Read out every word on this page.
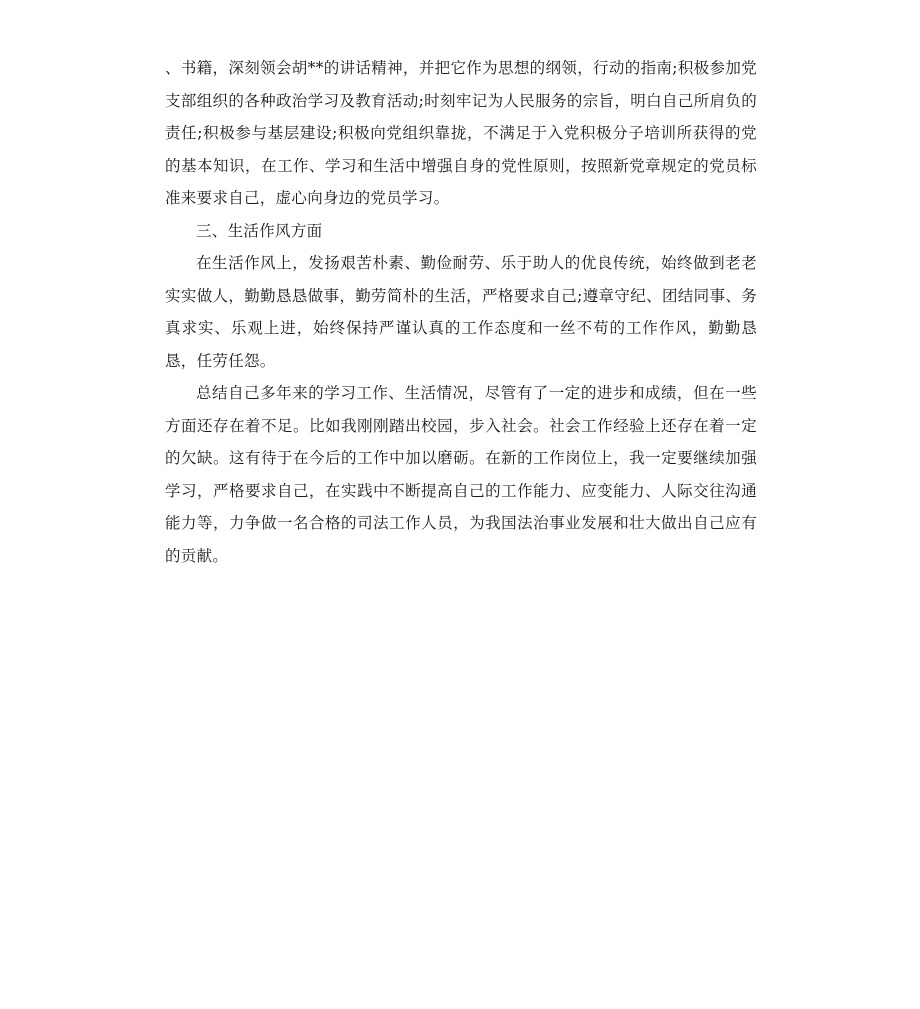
、书籍，深刻领会胡**的讲话精神，并把它作为思想的纲领，行动的指南;积极参加党支部组织的各种政治学习及教育活动;时刻牢记为人民服务的宗旨，明白自己所肩负的责任;积极参与基层建设;积极向党组织靠拢，不满足于入党积极分子培训所获得的党的基本知识，在工作、学习和生活中增强自身的党性原则，按照新党章规定的党员标准来要求自己，虚心向身边的党员学习。

三、生活作风方面

在生活作风上，发扬艰苦朴素、勤俭耐劳、乐于助人的优良传统，始终做到老老实实做人，勤勤恳恳做事，勤劳简朴的生活，严格要求自己;遵章守纪、团结同事、务真求实、乐观上进，始终保持严谨认真的工作态度和一丝不苟的工作作风，勤勤恳恳，任劳任怨。

总结自己多年来的学习工作、生活情况，尽管有了一定的进步和成绩，但在一些方面还存在着不足。比如我刚刚踏出校园，步入社会。社会工作经验上还存在着一定的欠缺。这有待于在今后的工作中加以磨砺。在新的工作岗位上，我一定要继续加强学习，严格要求自己，在实践中不断提高自己的工作能力、应变能力、人际交往沟通能力等，力争做一名合格的司法工作人员，为我国法治事业发展和壮大做出自己应有的贡献。
